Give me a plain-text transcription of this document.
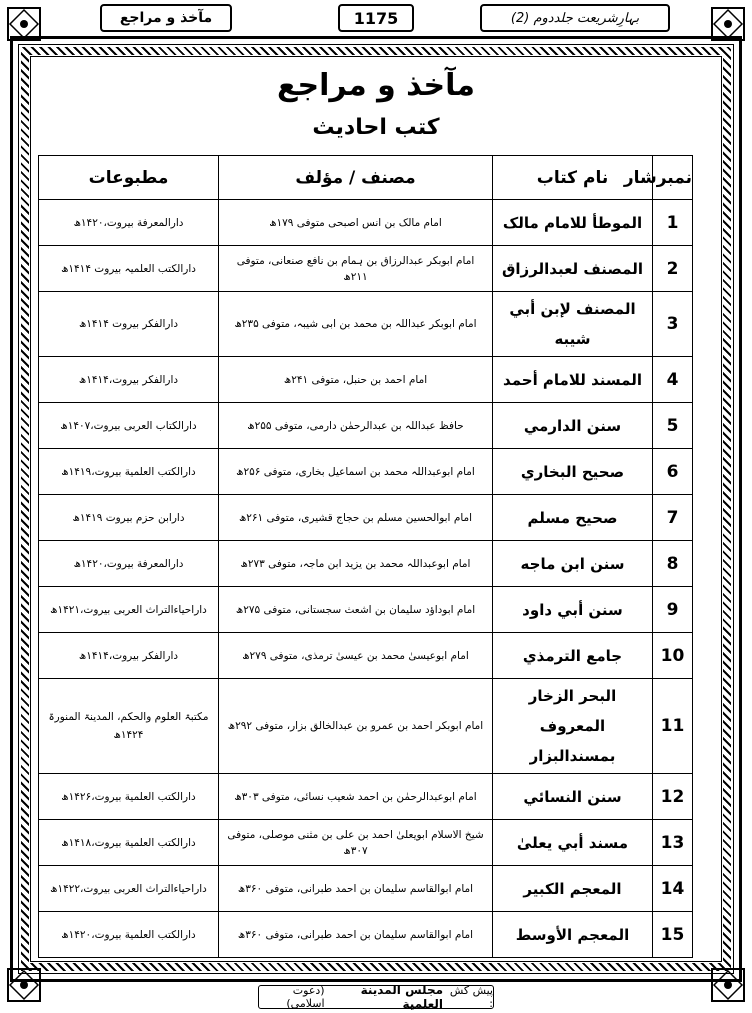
مآخذ و مراجع	1175	بہارِشریعت جلددوم (2)
مآخذ و مراجع
کتب احادیث
نمبرشار	نام کتاب	مصنف / مؤلف	مطبوعات
1	الموطأ للامام مالک	امام مالک بن انس اصبحی متوفی ۱۷۹ھ	دارالمعرفة بیروت،۱۴۲۰ھ
2	المصنف لعبدالرزاق	امام ابوبکر عبدالرزاق بن ہمام بن نافع صنعانی، متوفی ۲۱۱ھ	دارالکتب العلمیہ بیروت ۱۴۱۴ھ
3	المصنف لإبن أبي شيبه	امام ابوبکر عبداللہ بن محمد بن ابی شیبہ، متوفی ۲۳۵ھ	دارالفکر بیروت ۱۴۱۴ھ
4	المسند للامام أحمد	امام احمد بن حنبل، متوفی ۲۴۱ھ	دارالفکر بیروت،۱۴۱۴ھ
5	سنن الدارمي	حافظ عبداللہ بن عبدالرحمٰن دارمی، متوفی ۲۵۵ھ	دارالکتاب العربی بیروت،۱۴۰۷ھ
6	صحيح البخاري	امام ابوعبداللہ محمد بن اسماعیل بخاری، متوفی ۲۵۶ھ	دارالکتب العلمیة بیروت،۱۴۱۹ھ
7	صحيح مسلم	امام ابوالحسین مسلم بن حجاج قشیری، متوفی ۲۶۱ھ	دارابن حزم بیروت ۱۴۱۹ھ
8	سنن ابن ماجه	امام ابوعبداللہ محمد بن یزید ابن ماجہ، متوفی ۲۷۳ھ	دارالمعرفة بیروت،۱۴۲۰ھ
9	سنن أبي داود	امام ابوداؤد سلیمان بن اشعث سجستانی، متوفی ۲۷۵ھ	داراحیاءالتراث العربی بیروت،۱۴۲۱ھ
10	جامع الترمذي	امام ابوعیسیٰ محمد بن عیسیٰ ترمذی، متوفی ۲۷۹ھ	دارالفکر بیروت،۱۴۱۴ھ
11	البحر الزخار المعروف بمسندالبزار	امام ابوبکر احمد بن عمرو بن عبدالخالق بزار، متوفی ۲۹۲ھ	مکتبۃ العلوم والحکم، المدینۃ المنورۃ ۱۴۲۴ھ
12	سنن النسائي	امام ابوعبدالرحمٰن بن احمد شعیب نسائی، متوفی ۳۰۳ھ	دارالکتب العلمیة بیروت،۱۴۲۶ھ
13	مسند أبي يعلىٰ	شیخ الاسلام ابویعلیٰ احمد بن علی بن مثنی موصلی، متوفی ۳۰۷ھ	دارالکتب العلمیة بیروت،۱۴۱۸ھ
14	المعجم الكبير	امام ابوالقاسم سلیمان بن احمد طبرانی، متوفی ۳۶۰ھ	داراحیاءالتراث العربی بیروت،۱۴۲۲ھ
15	المعجم الأوسط	امام ابوالقاسم سلیمان بن احمد طبرانی، متوفی ۳۶۰ھ	دارالکتب العلمیة بیروت،۱۴۲۰ھ
پیش کش :
مجلس المدينة العلمية
(دعوت اسلامی)
